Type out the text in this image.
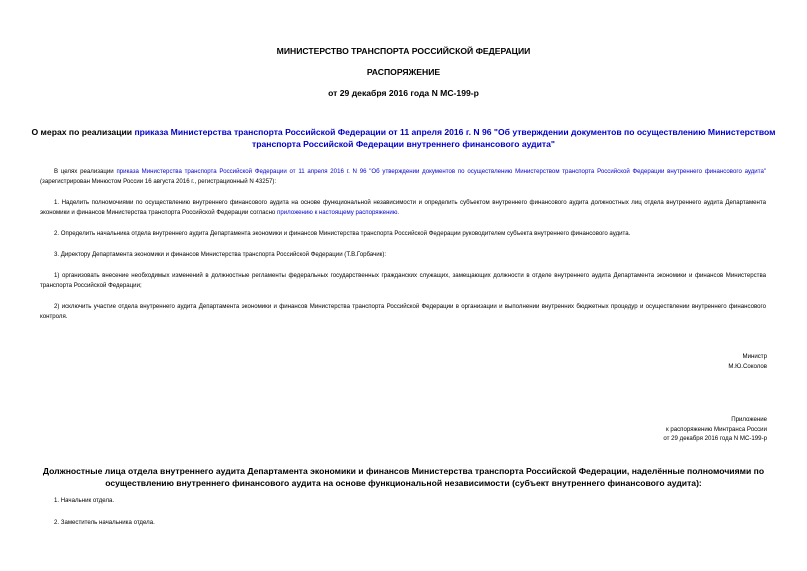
МИНИСТЕРСТВО ТРАНСПОРТА РОССИЙСКОЙ ФЕДЕРАЦИИ
РАСПОРЯЖЕНИЕ
от 29 декабря 2016 года N МС-199-р
О мерах по реализации приказа Министерства транспорта Российской Федерации от 11 апреля 2016 г. N 96 "Об утверждении документов по осуществлению Министерством транспорта Российской Федерации внутреннего финансового аудита"
В целях реализации приказа Министерства транспорта Российской Федерации от 11 апреля 2016 г. N 96 "Об утверждении документов по осуществлению Министерством транспорта Российской Федерации внутреннего финансового аудита" (зарегистрирован Минюстом России 16 августа 2016 г., регистрационный N 43257):
1. Наделить полномочиями по осуществлению внутреннего финансового аудита на основе функциональной независимости и определить субъектом внутреннего финансового аудита должностных лиц отдела внутреннего аудита Департамента экономики и финансов Министерства транспорта Российской Федерации согласно приложению к настоящему распоряжению.
2. Определить начальника отдела внутреннего аудита Департамента экономики и финансов Министерства транспорта Российской Федерации руководителем субъекта внутреннего финансового аудита.
3. Директору Департамента экономики и финансов Министерства транспорта Российской Федерации (Т.В.Горбачик):
1) организовать внесение необходимых изменений в должностные регламенты федеральных государственных гражданских служащих, замещающих должности в отделе внутреннего аудита Департамента экономики и финансов Министерства транспорта Российской Федерации;
2) исключить участие отдела внутреннего аудита Департамента экономики и финансов Министерства транспорта Российской Федерации в организации и выполнении внутренних бюджетных процедур и осуществлении внутреннего финансового контроля.
Министр
М.Ю.Соколов
Приложение
к распоряжению Минтранса России
от 29 декабря 2016 года N МС-199-р
Должностные лица отдела внутреннего аудита Департамента экономики и финансов Министерства транспорта Российской Федерации, наделённые полномочиями по осуществлению внутреннего финансового аудита на основе функциональной независимости (субъект внутреннего финансового аудита):
1. Начальник отдела.
2. Заместитель начальника отдела.
